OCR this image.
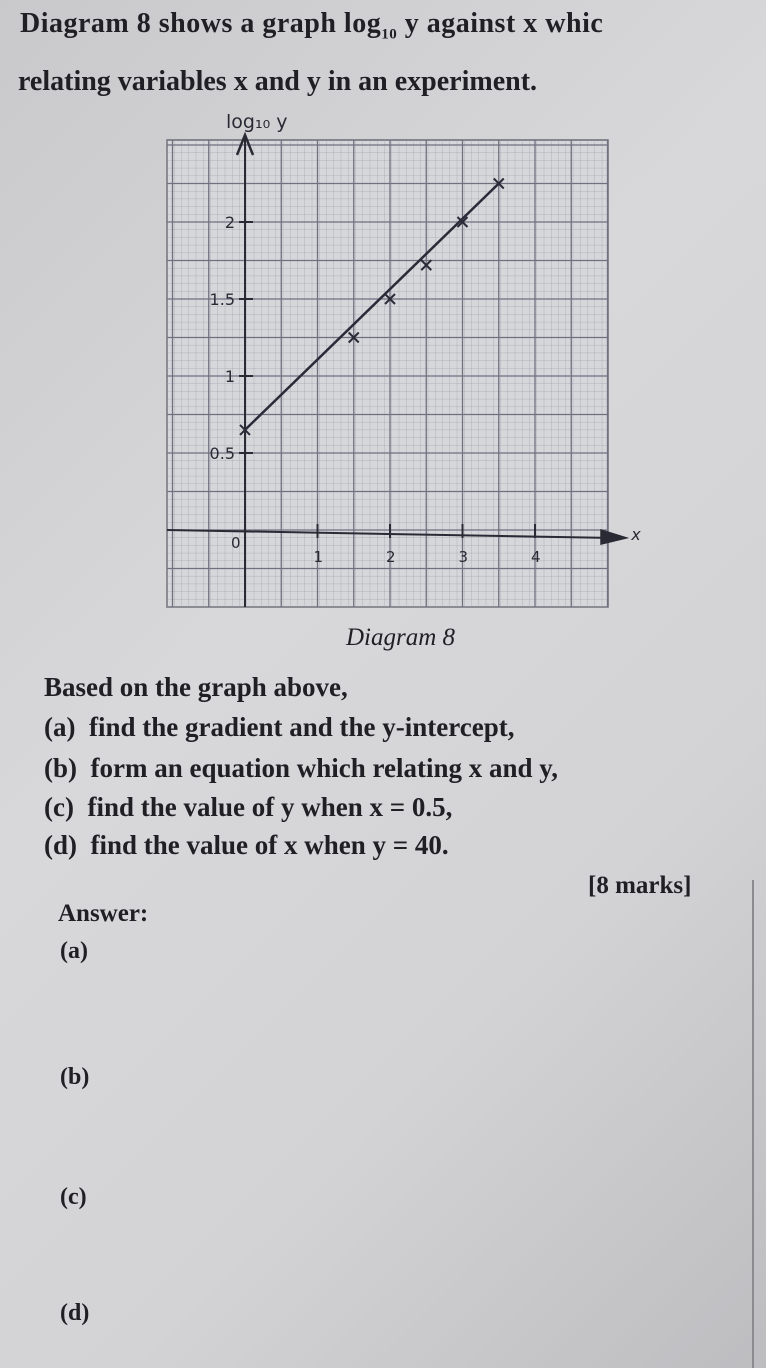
Diagram 8 shows a graph $\log_{10} y$ against x whic
relating variables x and y in an experiment.
0
1	2	3	4
0.5
1
1.5
2
log₁₀ y
x
Diagram 8
Based on the graph above,
(a) find the gradient and the y-intercept,
(b) form an equation which relating x and y,
(c) find the value of y when x = 0.5,
(d) find the value of x when y = 40.
[8 marks]
Answer:
(a)
(b)
(c)
(d)
